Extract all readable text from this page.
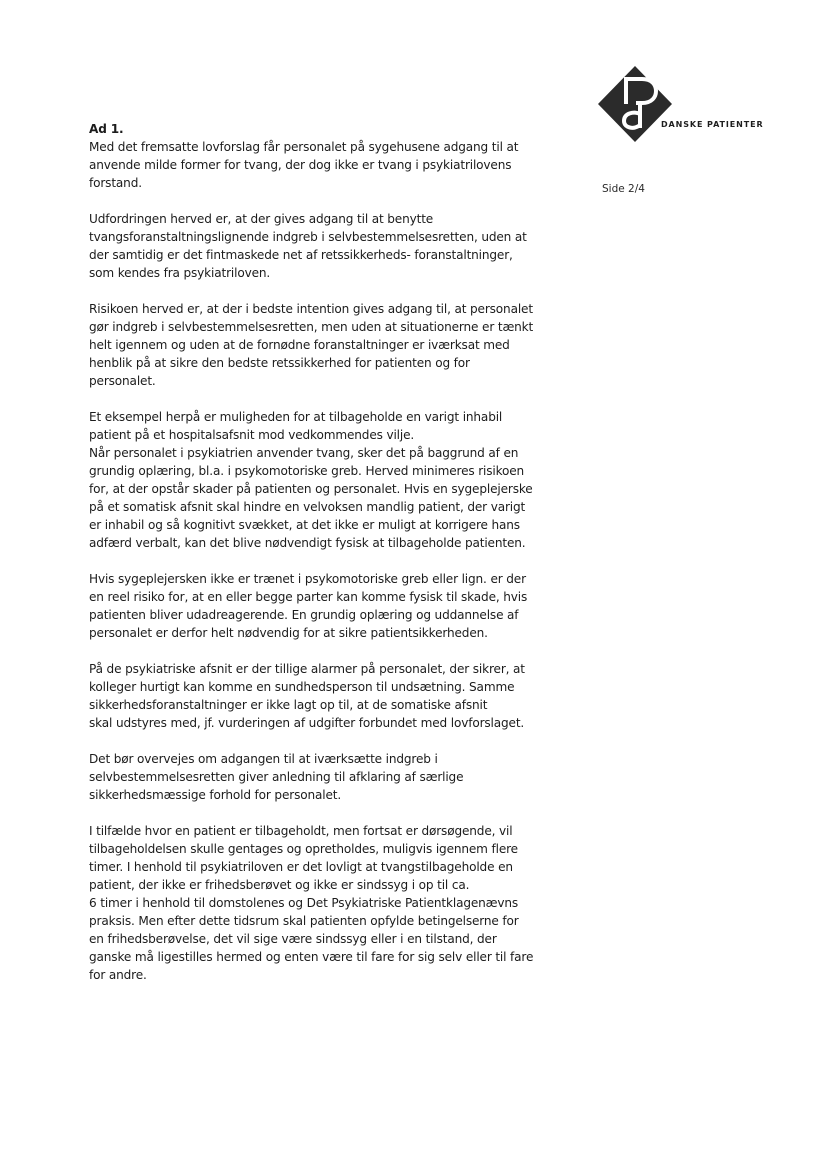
DANSKE PATIENTER
Side 2/4
Ad 1.
Med det fremsatte lovforslag får personalet på sygehusene adgang til at
anvende milde former for tvang, der dog ikke er tvang i psykiatrilovens
forstand.
Udfordringen herved er, at der gives adgang til at benytte
tvangsforanstaltningslignende indgreb i selvbestemmelsesretten, uden at
der samtidig er det fintmaskede net af retssikkerheds- foranstaltninger,
som kendes fra psykiatriloven.
Risikoen herved er, at der i bedste intention gives adgang til, at personalet
gør indgreb i selvbestemmelsesretten, men uden at situationerne er tænkt
helt igennem og uden at de fornødne foranstaltninger er iværksat med
henblik på at sikre den bedste retssikkerhed for patienten og for
personalet.
Et eksempel herpå er muligheden for at tilbageholde en varigt inhabil
patient på et hospitalsafsnit mod vedkommendes vilje.
Når personalet i psykiatrien anvender tvang, sker det på baggrund af en
grundig oplæring, bl.a. i psykomotoriske greb. Herved minimeres risikoen
for, at der opstår skader på patienten og personalet. Hvis en sygeplejerske
på et somatisk afsnit skal hindre en velvoksen mandlig patient, der varigt
er inhabil og så kognitivt svækket, at det ikke er muligt at korrigere hans
adfærd verbalt, kan det blive nødvendigt fysisk at tilbageholde patienten.
Hvis sygeplejersken ikke er trænet i psykomotoriske greb eller lign. er der
en reel risiko for, at en eller begge parter kan komme fysisk til skade, hvis
patienten bliver udadreagerende. En grundig oplæring og uddannelse af
personalet er derfor helt nødvendig for at sikre patientsikkerheden.
På de psykiatriske afsnit er der tillige alarmer på personalet, der sikrer, at
kolleger hurtigt kan komme en sundhedsperson til undsætning. Samme
sikkerhedsforanstaltninger er ikke lagt op til, at de somatiske afsnit
skal udstyres med, jf. vurderingen af udgifter forbundet med lovforslaget.
Det bør overvejes om adgangen til at iværksætte indgreb i
selvbestemmelsesretten giver anledning til afklaring af særlige
sikkerhedsmæssige forhold for personalet.
I tilfælde hvor en patient er tilbageholdt, men fortsat er dørsøgende, vil
tilbageholdelsen skulle gentages og opretholdes, muligvis igennem flere
timer. I henhold til psykiatriloven er det lovligt at tvangstilbageholde en
patient, der ikke er frihedsberøvet og ikke er sindssyg i op til ca.
6 timer i henhold til domstolenes og Det Psykiatriske Patientklagenævns
praksis. Men efter dette tidsrum skal patienten opfylde betingelserne for
en frihedsberøvelse, det vil sige være sindssyg eller i en tilstand, der
ganske må ligestilles hermed og enten være til fare for sig selv eller til fare
for andre.
